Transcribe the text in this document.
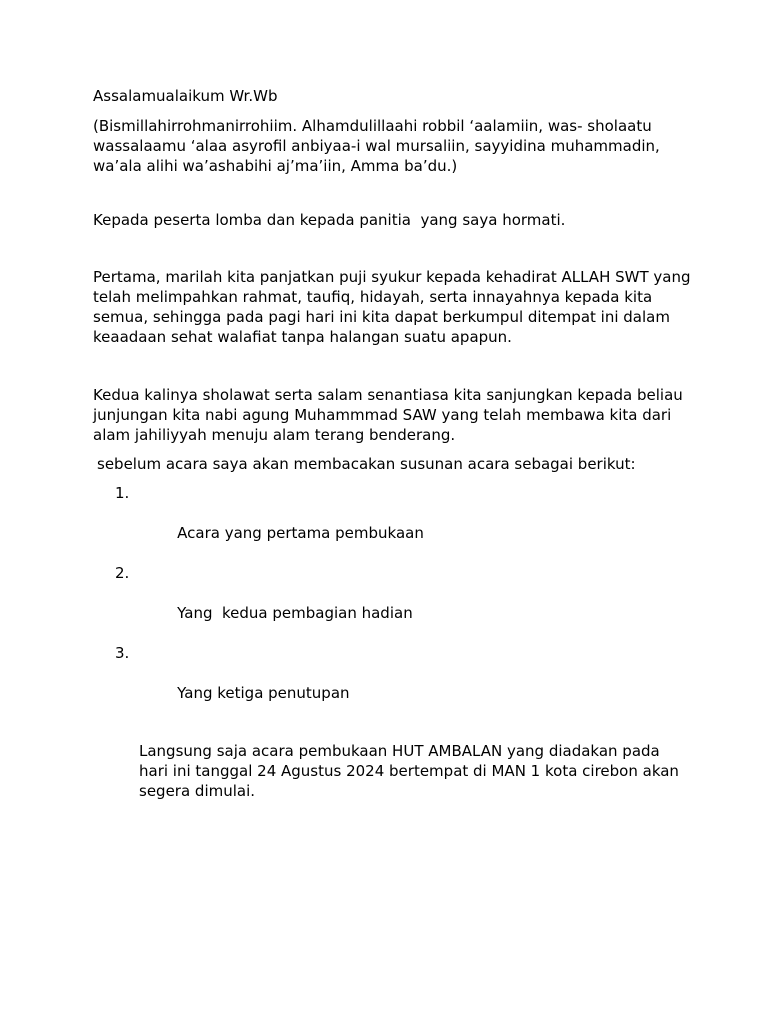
Assalamualaikum Wr.Wb

(Bismillahirrohmanirrohiim. Alhamdulillaahi robbil ‘aalamiin, was- sholaatu wassalaamu ‘alaa asyrofil anbiyaa-i wal mursaliin, sayyidina muhammadin, wa’ala alihi wa’ashabihi aj’ma’iin, Amma ba’du.)

Kepada peserta lomba dan kepada panitia  yang saya hormati.

Pertama, marilah kita panjatkan puji syukur kepada kehadirat ALLAH SWT yang telah melimpahkan rahmat, taufiq, hidayah, serta innayahnya kepada kita semua, sehingga pada pagi hari ini kita dapat berkumpul ditempat ini dalam keaadaan sehat walafiat tanpa halangan suatu apapun.

Kedua kalinya sholawat serta salam senantiasa kita sanjungkan kepada beliau junjungan kita nabi agung Muhammmad SAW yang telah membawa kita dari alam jahiliyyah menuju alam terang benderang.

sebelum acara saya akan membacakan susunan acara sebagai berikut:

1.

Acara yang pertama pembukaan

2.

Yang  kedua pembagian hadian

3.

Yang ketiga penutupan

Langsung saja acara pembukaan HUT AMBALAN yang diadakan pada hari ini tanggal 24 Agustus 2024 bertempat di MAN 1 kota cirebon akan segera dimulai.
